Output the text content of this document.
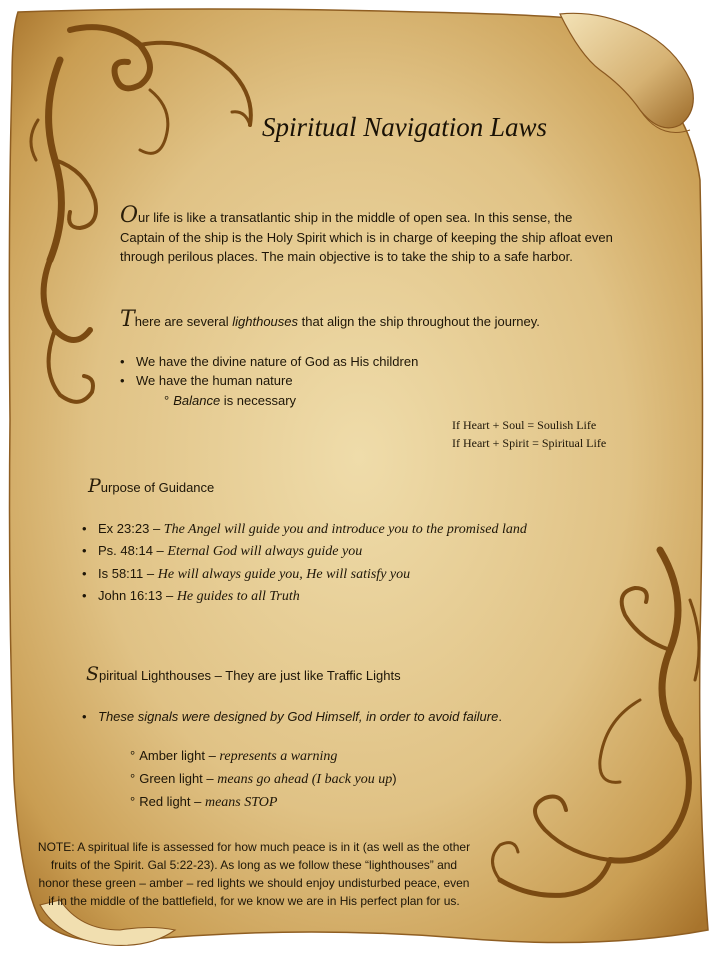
Spiritual Navigation Laws

Our life is like a transatlantic ship in the middle of open sea. In this sense, the Captain of the ship is the Holy Spirit which is in charge of keeping the ship afloat even through perilous places. The main objective is to take the ship to a safe harbor.

There are several lighthouses that align the ship throughout the journey.

• We have the divine nature of God as His children
• We have the human nature
° Balance is necessary
If Heart + Soul = Soulish Life
If Heart + Spirit = Spiritual Life
Purpose of Guidance
• Ex 23:23 – The Angel will guide you and introduce you to the promised land
• Ps. 48:14 – Eternal God will always guide you
• Is 58:11 – He will always guide you, He will satisfy you
• John 16:13 – He guides to all Truth
Spiritual Lighthouses – They are just like Traffic Lights
• These signals were designed by God Himself, in order to avoid failure.
° Amber light – represents a warning
° Green light – means go ahead (I back you up)
° Red light – means STOP

NOTE: A spiritual life is assessed for how much peace is in it (as well as the other fruits of the Spirit. Gal 5:22-23). As long as we follow these “lighthouses” and honor these green – amber – red lights we should enjoy undisturbed peace, even if in the middle of the battlefield, for we know we are in His perfect plan for us.
